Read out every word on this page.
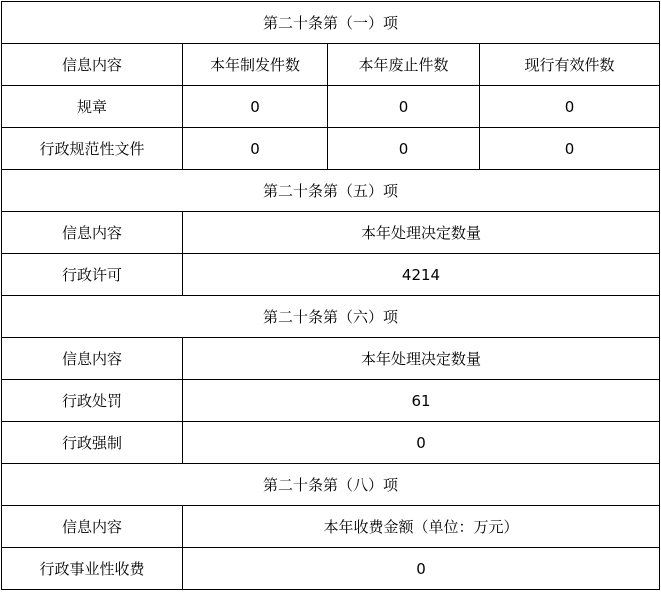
第二十条第（一）项			
信息内容	本年制发件数	本年废止件数	现行有效件数
规章	0	0	0
行政规范性文件	0	0	0
第二十条第（五）项			
信息内容	本年处理决定数量		
行政许可	4214		
第二十条第（六）项			
信息内容	本年处理决定数量		
行政处罚	61		
行政强制	0		
第二十条第（八）项			
信息内容	本年收费金额（单位：万元）		
行政事业性收费	0		
